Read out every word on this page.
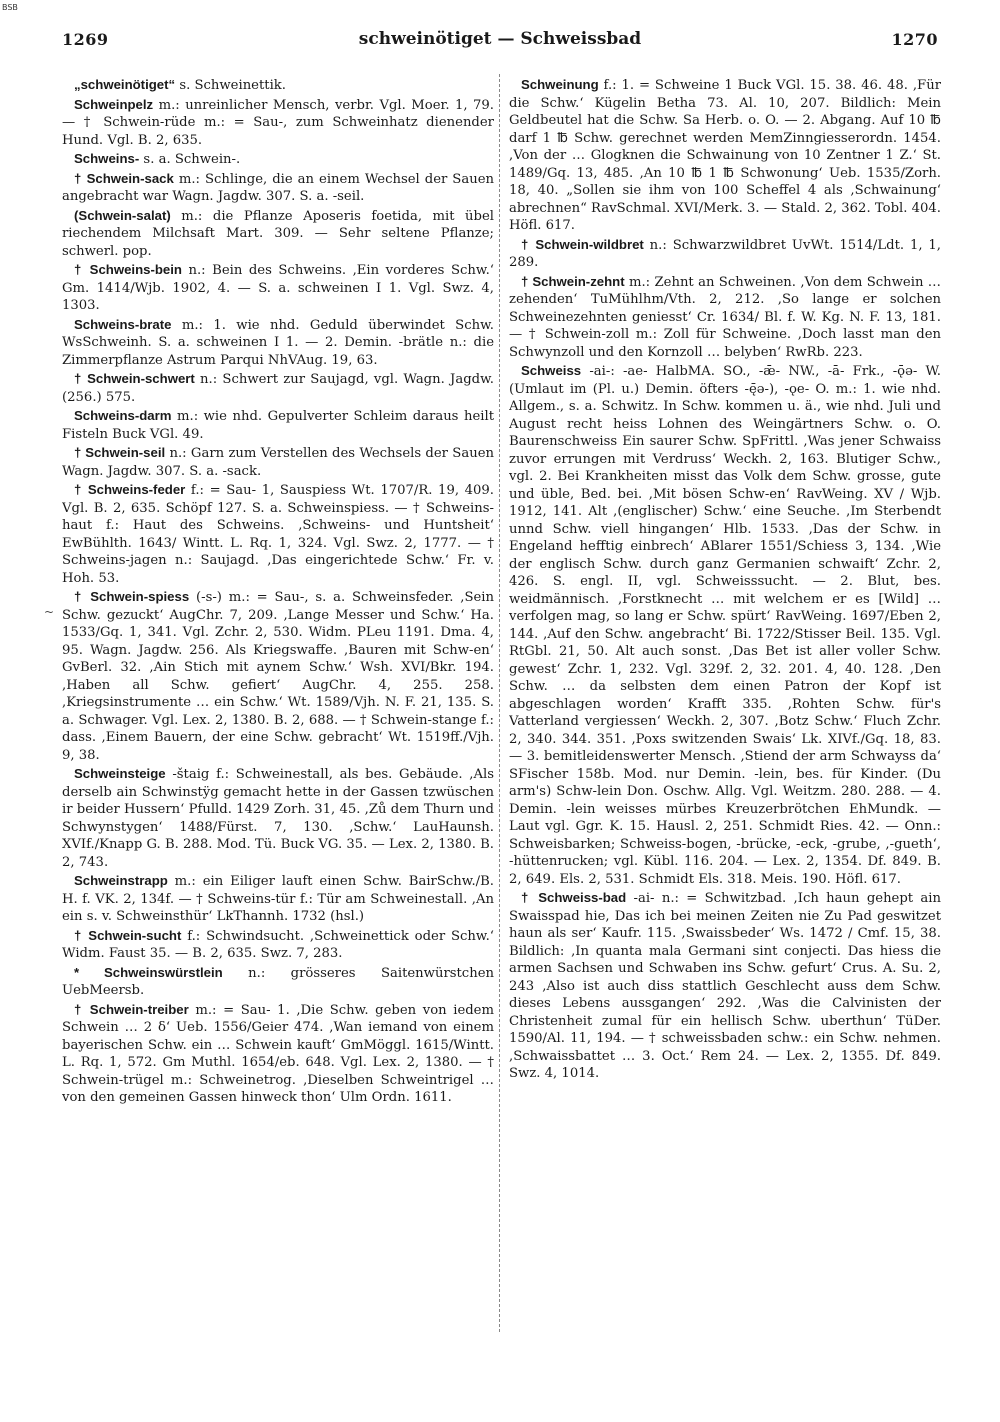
BSB
1269	schweinötiget — Schweissbad	1270
~
„schweinötiget“ s. Schweinettik.
Schweinpelz m.: unreinlicher Mensch, verbr. Vgl. Moer. 1, 79. — † Schwein-rüde m.: = Sau-, zum Schweinhatz dienender Hund. Vgl. B. 2, 635.
Schweins- s. a. Schwein-.
† Schwein-sack m.: Schlinge, die an einem Wechsel der Sauen angebracht war Wagn. Jagdw. 307. S. a. -seil.
(Schwein-salat) m.: die Pflanze Aposeris foetida, mit übel riechendem Milchsaft Mart. 309. — Sehr seltene Pflanze; schwerl. pop.
† Schweins-bein n.: Bein des Schweins. ,Ein vorderes Schw.‘ Gm. 1414/Wjb. 1902, 4. — S. a. schweinen I 1. Vgl. Swz. 4, 1303.
Schweins-brate m.: 1. wie nhd. Geduld überwindet Schw. WsSchweinh. S. a. schweinen I 1. — 2. Demin. -brätle n.: die Zimmerpflanze Astrum Parqui NhVAug. 19, 63.
† Schwein-schwert n.: Schwert zur Saujagd, vgl. Wagn. Jagdw. (256.) 575.
Schweins-darm m.: wie nhd. Gepulverter Schleim daraus heilt Fisteln Buck VGl. 49.
† Schwein-seil n.: Garn zum Verstellen des Wechsels der Sauen Wagn. Jagdw. 307. S. a. -sack.
† Schweins-feder f.: = Sau- 1, Sauspiess Wt. 1707/R. 19, 409. Vgl. B. 2, 635. Schöpf 127. S. a. Schweinspiess. — † Schweins-haut f.: Haut des Schweins. ,Schweins- und Huntsheit‘ EwBühlth. 1643/ Wintt. L. Rq. 1, 324. Vgl. Swz. 2, 1777. — † Schweins-jagen n.: Saujagd. ,Das eingerichtede Schw.‘ Fr. v. Hoh. 53.
† Schwein-spiess (-s-) m.: = Sau-, s. a. Schweinsfeder. ,Sein Schw. gezuckt‘ AugChr. 7, 209. ,Lange Messer und Schw.‘ Ha. 1533/Gq. 1, 341. Vgl. Zchr. 2, 530. Widm. PLeu 1191. Dma. 4, 95. Wagn. Jagdw. 256. Als Kriegswaffe. ,Bauren mit Schw-en‘ GvBerl. 32. ,Ain Stich mit aynem Schw.‘ Wsh. XVI/Bkr. 194. ,Haben all Schw. gefiert‘ AugChr. 4, 255. 258. ,Kriegsinstrumente … ein Schw.‘ Wt. 1589/Vjh. N. F. 21, 135. S. a. Schwager. Vgl. Lex. 2, 1380. B. 2, 688. — † Schwein-stange f.: dass. ,Einem Bauern, der eine Schw. gebracht‘ Wt. 1519ff./Vjh. 9, 38.
Schweinsteige -štaig f.: Schweinestall, als bes. Gebäude. ,Als derselb ain Schwinstÿg gemacht hette in der Gassen tzwüschen ir beider Hussern‘ Pfulld. 1429 Zorh. 31, 45. ,Zů dem Thurn und Schwynstygen‘ 1488/Fürst. 7, 130. ,Schw.‘ LauHaunsh. XVIf./Knapp G. B. 288. Mod. Tü. Buck VG. 35. — Lex. 2, 1380. B. 2, 743.
Schweinstrapp m.: ein Eiliger lauft einen Schw. BairSchw./B. H. f. VK. 2, 134f. — † Schweins-tür f.: Tür am Schweinestall. ,An ein s. v. Schweinsthür‘ LkThannh. 1732 (hsl.)
† Schwein-sucht f.: Schwindsucht. ,Schweinettick oder Schw.‘ Widm. Faust 35. — B. 2, 635. Swz. 7, 283.
* Schweinswürstlein n.: grösseres Saitenwürstchen UebMeersb.
† Schwein-treiber m.: = Sau- 1. ,Die Schw. geben von iedem Schwein … 2 δ‘ Ueb. 1556/Geier 474. ,Wan iemand von einem bayerischen Schw. ein … Schwein kauft‘ GmMöggl. 1615/Wintt. L. Rq. 1, 572. Gm Muthl. 1654/eb. 648. Vgl. Lex. 2, 1380. — † Schwein-trügel m.: Schweinetrog. ,Dieselben Schweintrigel … von den gemeinen Gassen hinweck thon‘ Ulm Ordn. 1611.
Schweinung f.: 1. = Schweine 1 Buck VGl. 15. 38. 46. 48. ,Für die Schw.‘ Kügelin Betha 73. Al. 10, 207. Bildlich: Mein Geldbeutel hat die Schw. Sa Herb. o. O. — 2. Abgang. Auf 10 ℔ darf 1 ℔ Schw. gerechnet werden MemZinngiesserordn. 1454. ,Von der … Glogknen die Schwainung von 10 Zentner 1 Z.‘ St. 1489/Gq. 13, 485. ,An 10 ℔ 1 ℔ Schwonung‘ Ueb. 1535/Zorh. 18, 40. „Sollen sie ihm von 100 Scheffel 4 als ,Schwainung‘ abrechnen“ RavSchmal. XVI/Merk. 3. — Stald. 2, 362. Tobl. 404. Höfl. 617.
† Schwein-wildbret n.: Schwarzwildbret UvWt. 1514/Ldt. 1, 1, 289.
† Schwein-zehnt m.: Zehnt an Schweinen. ,Von dem Schwein … zehenden‘ TuMühlhm/Vth. 2, 212. ,So lange er solchen Schweinezehnten geniesst‘ Cr. 1634/ Bl. f. W. Kg. N. F. 13, 181. — † Schwein-zoll m.: Zoll für Schweine. ,Doch lasst man den Schwynzoll und den Kornzoll … belyben‘ RwRb. 223.
Schweiss -ai-: -ae- HalbMA. SO., -ǣ- NW., -ā- Frk., -ǭə- W. (Umlaut im (Pl. u.) Demin. öfters -ę̄ə-), -ǫe- O. m.: 1. wie nhd. Allgem., s. a. Schwitz. In Schw. kommen u. ä., wie nhd. Juli und August recht heiss Lohnen des Weingärtners Schw. o. O. Baurenschweiss Ein saurer Schw. SpFrittl. ,Was jener Schwaiss zuvor errungen mit Verdruss‘ Weckh. 2, 163. Blutiger Schw., vgl. 2. Bei Krankheiten misst das Volk dem Schw. grosse, gute und üble, Bed. bei. ,Mit bösen Schw-en‘ RavWeing. XV / Wjb. 1912, 141. Alt ,(englischer) Schw.‘ eine Seuche. ,Im Sterbendt unnd Schw. viell hingangen‘ Hlb. 1533. ,Das der Schw. in Engeland hefftig einbrech‘ ABlarer 1551/Schiess 3, 134. ,Wie der englisch Schw. durch ganz Germanien schwaift‘ Zchr. 2, 426. S. engl. II, vgl. Schweisssucht. — 2. Blut, bes. weidmännisch. ,Forstknecht … mit welchem er es [Wild] … verfolgen mag, so lang er Schw. spürt‘ RavWeing. 1697/Eben 2, 144. ,Auf den Schw. angebracht‘ Bi. 1722/Stisser Beil. 135. Vgl. RtGbl. 21, 50. Alt auch sonst. ,Das Bet ist aller voller Schw. gewest‘ Zchr. 1, 232. Vgl. 329f. 2, 32. 201. 4, 40. 128. ,Den Schw. … da selbsten dem einen Patron der Kopf ist abgeschlagen worden‘ Krafft 335. ,Rohten Schw. für's Vatterland vergiessen‘ Weckh. 2, 307. ,Botz Schw.‘ Fluch Zchr. 2, 340. 344. 351. ,Poxs switzenden Swais‘ Lk. XIVf./Gq. 18, 83. — 3. bemitleidenswerter Mensch. ,Stiend der arm Schwayss da‘ SFischer 158b. Mod. nur Demin. -lein, bes. für Kinder. (Du arm's) Schw-lein Don. Oschw. Allg. Vgl. Weitzm. 280. 288. — 4. Demin. -lein weisses mürbes Kreuzerbrötchen EhMundk. — Laut vgl. Ggr. K. 15. Hausl. 2, 251. Schmidt Ries. 42. — Onn.: Schweisbarken; Schweiss-bogen, -brücke, -eck, -grube, ,-gueth‘, -hüttenrucken; vgl. Kübl. 116. 204. — Lex. 2, 1354. Df. 849. B. 2, 649. Els. 2, 531. Schmidt Els. 318. Meis. 190. Höfl. 617.
† Schweiss-bad -ai- n.: = Schwitzbad. ,Ich haun gehept ain Swaisspad hie, Das ich bei meinen Zeiten nie Zu Pad geswitzet haun als ser‘ Kaufr. 115. ,Swaissbeder‘ Ws. 1472 / Cmf. 15, 38. Bildlich: ,In quanta mala Germani sint conjecti. Das hiess die armen Sachsen und Schwaben ins Schw. gefurt‘ Crus. A. Su. 2, 243 ,Also ist auch diss stattlich Geschlecht auss dem Schw. dieses Lebens aussgangen‘ 292. ,Was die Calvinisten der Christenheit zumal für ein hellisch Schw. uberthun‘ TüDer. 1590/Al. 11, 194. — † schweissbaden schw.: ein Schw. nehmen. ,Schwaissbattet … 3. Oct.‘ Rem 24. — Lex. 2, 1355. Df. 849. Swz. 4, 1014.
